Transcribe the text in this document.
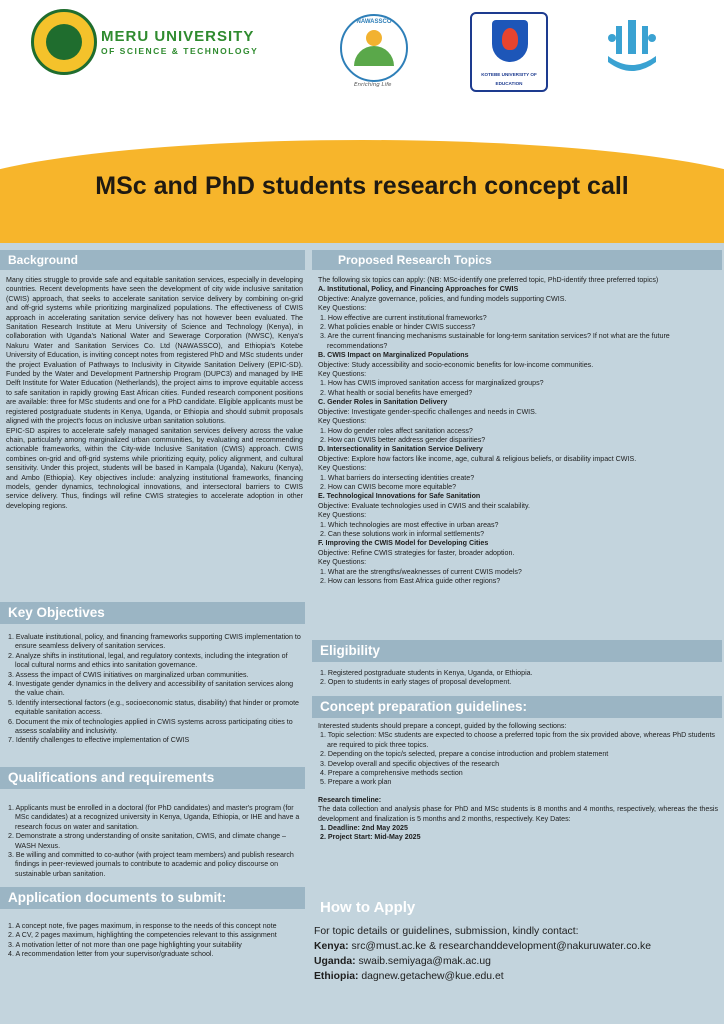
MERU UNIVERSITY
OF SCIENCE & TECHNOLOGY
NAWASSCO
Enriching Life
KOTEBE UNIVERSITY OF EDUCATION
MSc and PhD students research concept call
Background

Many cities struggle to provide safe and equitable sanitation services, especially in developing countries. Recent developments have seen the development of city wide inclusive sanitation (CWIS) approach, that seeks to accelerate sanitation service delivery by combining on-grid and off-grid systems while prioritizing marginalized populations. The effectiveness of CWIS approach in accelerating sanitation service delivery has not however been evaluated. The Sanitation Research Institute at Meru University of Science and Technology (Kenya), in collaboration with Uganda's National Water and Sewerage Corporation (NWSC), Kenya's Nakuru Water and Sanitation Services Co. Ltd (NAWASSCO), and Ethiopia's Kotebe University of Education, is inviting concept notes from registered PhD and MSc students under the project Evaluation of Pathways to Inclusivity in Citywide Sanitation Delivery (EPIC-SD). Funded by the Water and Development Partnership Program (DUPC3) and managed by IHE Delft Institute for Water Education (Netherlands), the project aims to improve equitable access to safe sanitation in rapidly growing East African cities. Funded research component positions are available: three for MSc students and one for a PhD candidate. Eligible applicants must be registered postgraduate students in Kenya, Uganda, or Ethiopia and should submit proposals aligned with the project's focus on inclusive urban sanitation solutions.

EPIC-SD aspires to accelerate safely managed sanitation services delivery across the value chain, particularly among marginalized urban communities, by evaluating and recommending actionable frameworks, within the City-wide Inclusive Sanitation (CWIS) approach. CWIS combines on-grid and off-grid systems while prioritizing equity, policy alignment, and cultural sensitivity. Under this project, students will be based in Kampala (Uganda), Nakuru (Kenya), and Ambo (Ethiopia). Key objectives include: analyzing institutional frameworks, financing models, gender dynamics, technological innovations, and intersectoral barriers to CWIS service delivery. Thus, findings will refine CWIS strategies to accelerate adoption in other developing regions.

Key Objectives
1. Evaluate institutional, policy, and financing frameworks supporting CWIS implementation to ensure seamless delivery of sanitation services.
2. Analyze shifts in institutional, legal, and regulatory contexts, including the integration of local cultural norms and ethics into sanitation governance.
3. Assess the impact of CWIS initiatives on marginalized urban communities.
4. Investigate gender dynamics in the delivery and accessibility of sanitation services along the value chain.
5. Identify intersectional factors (e.g., socioeconomic status, disability) that hinder or promote equitable sanitation access.
6. Document the mix of technologies applied in CWIS systems across participating cities to assess scalability and inclusivity.
7. Identify challenges to effective implementation of CWIS
Qualifications and requirements
1. Applicants must be enrolled in a doctoral (for PhD candidates) and master's program (for MSc candidates) at a recognized university in Kenya, Uganda, Ethiopia, or IHE and have a research focus on water and sanitation.
2. Demonstrate a strong understanding of onsite sanitation, CWIS, and climate change –WASH Nexus.
3. Be willing and committed to co-author (with project team members) and publish research findings in peer-reviewed journals to contribute to academic and policy discourse on sustainable urban sanitation.
Application documents to submit:
1. A concept note, five pages maximum, in response to the needs of this concept note
2. A CV, 2 pages maximum, highlighting the competencies relevant to this assignment
3. A motivation letter of not more than one page highlighting your suitability
4. A recommendation letter from your supervisor/graduate school.
Proposed Research Topics

The following six topics can apply: (NB: MSc-identify one preferred topic, PhD-identify three preferred topics)

A. Institutional, Policy, and Financing Approaches for CWIS
Objective: Analyze governance, policies, and funding models supporting CWIS.
Key Questions:
1. How effective are current institutional frameworks?
2. What policies enable or hinder CWIS success?
3. Are the current financing mechanisms sustainable for long-term sanitation services? If not what are the future recommendations?
B. CWIS Impact on Marginalized Populations
Objective: Study accessibility and socio-economic benefits for low-income communities.
Key Questions:
1. How has CWIS improved sanitation access for marginalized groups?
2. What health or social benefits have emerged?
C. Gender Roles in Sanitation Delivery
Objective: Investigate gender-specific challenges and needs in CWIS.
Key Questions:
1. How do gender roles affect sanitation access?
2. How can CWIS better address gender disparities?
D. Intersectionality in Sanitation Service Delivery
Objective: Explore how factors like income, age, cultural & religious beliefs, or disability impact CWIS.
Key Questions:
1. What barriers do intersecting identities create?
2. How can CWIS become more equitable?
E. Technological Innovations for Safe Sanitation
Objective: Evaluate technologies used in CWIS and their scalability.
Key Questions:
1. Which technologies are most effective in urban areas?
2. Can these solutions work in informal settlements?
F. Improving the CWIS Model for Developing Cities
Objective: Refine CWIS strategies for faster, broader adoption.
Key Questions:
1. What are the strengths/weaknesses of current CWIS models?
2. How can lessons from East Africa guide other regions?
Eligibility
1. Registered postgraduate students in Kenya, Uganda, or Ethiopia.
2. Open to students in early stages of proposal development.
Concept preparation guidelines:

Interested students should prepare a concept, guided by the following sections:

1. Topic selection: MSc students are expected to choose a preferred topic from the six provided above, whereas PhD students are required to pick three topics.
2. Depending on the topic/s selected, prepare a concise introduction and problem statement
3. Develop overall and specific objectives of the research
4. Prepare a comprehensive methods section
5. Prepare a work plan
Research timeline:

The data collection and analysis phase for PhD and MSc students is 8 months and 4 months, respectively, whereas the thesis development and finalization is 5 months and 2 months, respectively. Key Dates:

1. Deadline: 2nd May 2025
2. Project Start: Mid-May 2025
How to Apply
For topic details or guidelines, submission, kindly contact:
Kenya: src@must.ac.ke & researchanddevelopment@nakuruwater.co.ke
Uganda: swaib.semiyaga@mak.ac.ug
Ethiopia: dagnew.getachew@kue.edu.et
